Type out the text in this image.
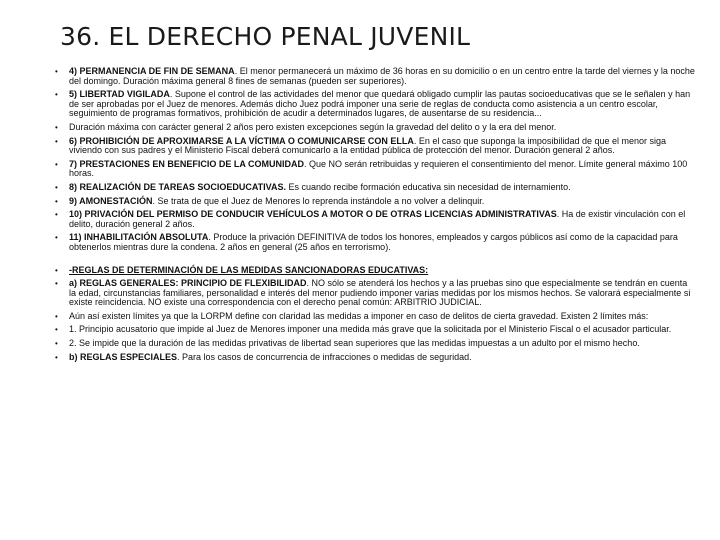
36. EL DERECHO PENAL JUVENIL
• 4) PERMANENCIA DE FIN DE SEMANA. El menor permanecerá un máximo de 36 horas en su domicilio o en un centro entre la tarde del viernes y la noche del domingo. Duración máxima general 8 fines de semanas (pueden ser superiores).
• 5) LIBERTAD VIGILADA. Supone el control de las actividades del menor que quedará obligado cumplir las pautas socioeducativas que se le señalen y han de ser aprobadas por el Juez de menores. Además dicho Juez podrá imponer una serie de reglas de conducta como asistencia a un centro escolar, seguimiento de programas formativos, prohibición de acudir a determinados lugares, de ausentarse de su residencia...
• Duración máxima con carácter general 2 años pero existen excepciones según la gravedad del delito o y la era del menor.
• 6) PROHIBICIÓN DE APROXIMARSE A LA VÍCTIMA O COMUNICARSE CON ELLA. En el caso que suponga la imposibilidad de que el menor siga viviendo con sus padres y el Ministerio Fiscal deberá comunicarlo a la entidad pública de protección del menor. Duración general 2 años.
• 7) PRESTACIONES EN BENEFICIO DE LA COMUNIDAD. Que NO serán retribuidas y requieren el consentimiento del menor. Límite general máximo 100 horas.
• 8) REALIZACIÓN DE TAREAS SOCIOEDUCATIVAS. Es cuando recibe formación educativa sin necesidad de internamiento.
• 9) AMONESTACIÓN. Se trata de que el Juez de Menores lo reprenda instándole a no volver a delinquir.
• 10) PRIVACIÓN DEL PERMISO DE CONDUCIR VEHÍCULOS A MOTOR O DE OTRAS LICENCIAS ADMINISTRATIVAS. Ha de existir vinculación con el delito, duración general 2 años.
• 11) INHABILITACIÓN ABSOLUTA. Produce la privación DEFINITIVA de todos los honores, empleados y cargos públicos así como de la capacidad para obtenerlos mientras dure la condena. 2 años en general (25 años en terrorismo).
• -REGLAS DE DETERMINACIÓN DE LAS MEDIDAS SANCIONADORAS EDUCATIVAS:
• a) REGLAS GENERALES: PRINCIPIO DE FLEXIBILIDAD. NO sólo se atenderá los hechos y a las pruebas sino que especialmente se tendrán en cuenta la edad, circunstancias familiares, personalidad e interés del menor pudiendo imponer varias medidas por los mismos hechos. Se valorará especialmente si existe reincidencia. NO existe una correspondencia con el derecho penal común: ARBITRIO JUDICIAL.
• Aún así existen límites ya que la LORPM define con claridad las medidas a imponer en caso de delitos de cierta gravedad. Existen 2 límites más:
• 1. Principio acusatorio que impide al Juez de Menores imponer una medida más grave que la solicitada por el Ministerio Fiscal o el acusador particular.
• 2. Se impide que la duración de las medidas privativas de libertad sean superiores que las medidas impuestas a un adulto por el mismo hecho.
• b) REGLAS ESPECIALES. Para los casos de concurrencia de infracciones o medidas de seguridad.
